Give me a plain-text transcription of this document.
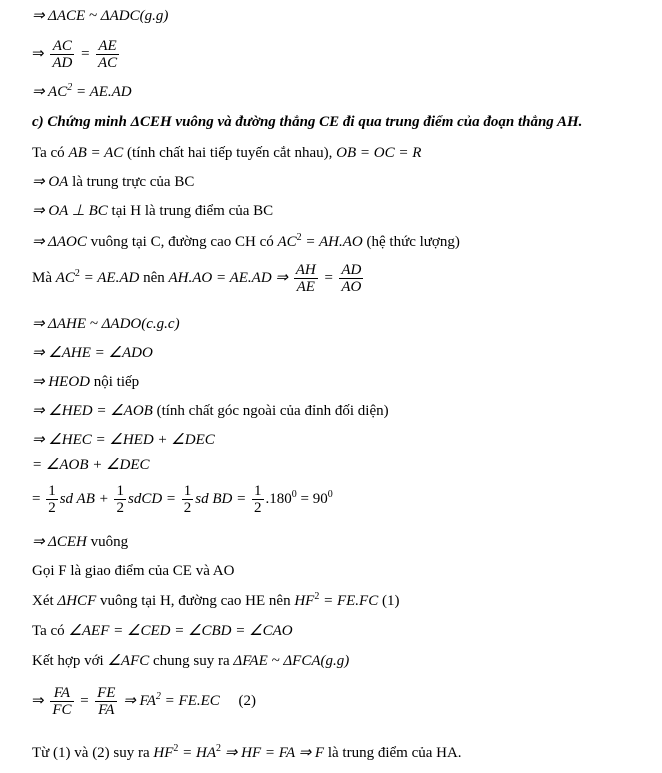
⇒ ΔACE ~ ΔADC(g.g)
⇒ $\frac{AC}{AD} = \frac{AE}{AC}$
⇒ $AC^2 = AE.AD$
c) Chứng minh ΔCEH vuông và đường thẳng CE đi qua trung điểm của đoạn thẳng AH.
Ta có AB = AC (tính chất hai tiếp tuyến cắt nhau), OB = OC = R
⇒ OA là trung trực của BC
⇒ OA ⊥ BC tại H là trung điểm của BC
⇒ ΔAOC vuông tại C, đường cao CH có $AC^2 = AH.AO$ (hệ thức lượng)
Mà $AC^2 = AE.AD$ nên AH.AO = AE.AD ⇒ $\frac{AH}{AE} = \frac{AD}{AO}$
⇒ ΔAHE ~ ΔADO(c.g.c)
⇒ ∠AHE = ∠ADO
⇒ HEOD nội tiếp
⇒ ∠HED = ∠AOB (tính chất góc ngoài của đỉnh đối diện)
⇒ ∠HEC = ∠HED + ∠DEC
= ∠AOB + ∠DEC
= $\frac{1}{2}$ sd AB + $\frac{1}{2}$ sdCD = $\frac{1}{2}$ sd BD = $\frac{1}{2} .180^0 = 90^0$
⇒ ΔCEH vuông
Gọi F là giao điểm của CE và AO
Xét ΔHCF vuông tại H, đường cao HE nên $HF^2 = FE.FC$ (1)
Ta có ∠AEF = ∠CED = ∠CBD = ∠CAO
Kết hợp với ∠AFC chung suy ra ΔFAE ~ ΔFCA(g.g)
⇒ $\frac{FA}{FC} = \frac{FE}{FA}$ ⇒ $FA^2 = FE.EC$     (2)
Từ (1) và (2) suy ra $HF^2 = HA^2$ ⇒ HF = FA ⇒ F là trung điểm của HA.
